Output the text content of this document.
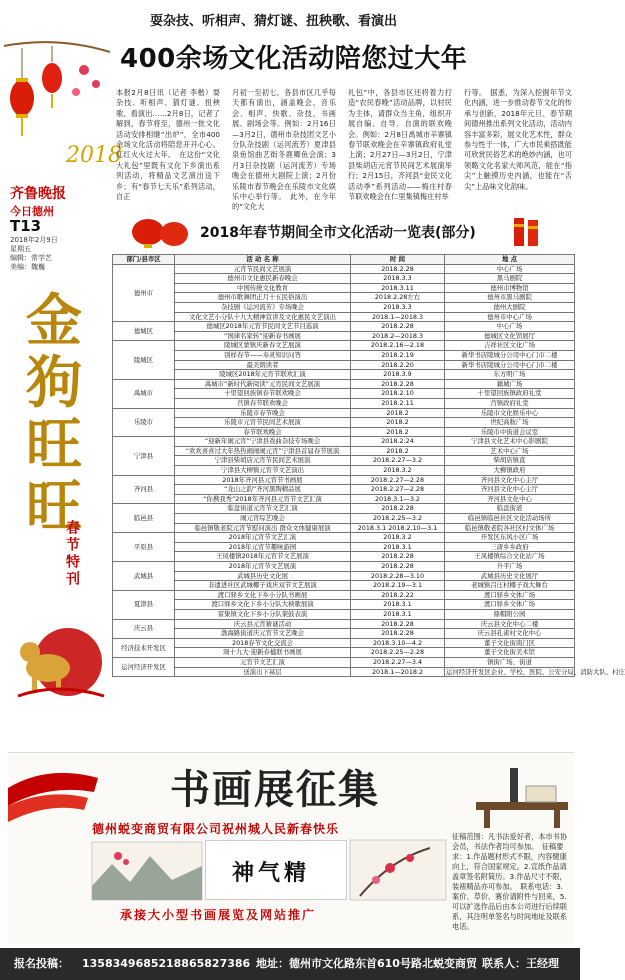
耍杂技、听相声、猜灯谜、扭秧歌、看演出
400余场文化活动陪您过大年
2018
齐鲁晚报
今日德州
T13
2018年2月9日
星期五
编辑：常学艺
美编：魏巍
金
狗
旺
旺
春节特刊
本报2月8日讯（记者 李楷）耍杂技、听相声、猜灯谜、扭秧歌、看演出……2月8日，记者了解到，春节将至，德州一批文化活动安排相继“出炉”，全市400余场文化活动将陪您开开心心、红红火火过大年。　在这份“文化大礼包”里既有文化下乡演出系列活动，将精品文艺演出送下乡；有“春节七天乐”系列活动，自正
月初一至初七，各县市区几乎每天都有演出，涵盖晚会、音乐会、相声、快歌、杂技、书画展、剧场会等。例如：2月16日—3月2日，德州市杂技团文艺小分队杂技剧（运河流芳）夏津县泉鱼馆曲艺街冬鹿卿鱼会演；3月3日杂技剧（运河流芳）专场晚会在德州大剧院上演；2月份乐陵市春节晚会在乐陵市文化娱乐中心举行等。　此外，在今年的“文化大
礼包”中，各县市区还将着力打造“农民春晚”活动品牌，以村民为主体，请群众当主角，组织开展自编、自导、自演的联欢晚会。例如：2月8日禹城市辛寨镇春节联欢晚会在辛寨镇政府礼堂上演；2月27日—3月2日，宁津县柴胡店元宵节民间艺术展演举行；2月15日，齐河县“金民文化活动季”系列活动——梅庄村春节联欢晚会在仁里集镇梅庄村举
行等。　据悉，为深入挖掘年节文化内涵，进一步推动春节文化的传承与创新，2018年元旦、春节期间德州推出系列文化活动，活动内容丰富多彩，展文化艺术性，群众参与性于一体，广大市民乘搭既能可欣赏民俗艺术的绝妙内涵，也可领略文化名家大师风范，能在“指尖”上触摸历史内涵，也能在“舌尖”上品味文化韵味。
2018年春节期间全市文化活动一览表(部分)
部门/县市区	活 动 名 称	时 间	地 点
德州市	元宵节民间文艺展演	2018.2.28	中心广场
	德州市文化惠民新春晚会	2018.3.3	黑马剧院
	中国传统文化教育	2018.3.11	德州市博物馆
	德州市歌舞团正月十五民俗演出	2018.2.28左右	德州市黑马剧院
	杂技剧《运河流芳》专场晚会	2018.3.3	德州大剧院
	文化文艺小分队十九大精神宣讲及文化惠民文艺演出	2018.1—2018.3	德州市中心广场
德城区	德城区2018年元宵节民间文艺节目巡演	2018.2.28	中心广场
	“国律名家转”迎新春书画展	2018.2—2018.3	德城区文化馆展厅
陵城区	陵城区蒙镇庆新春文艺展演	2018.2.16—2.18	吉祥社区文化广场
	别样春节——寿灵知识问答	2018.2.19	新华书店陵城分公司中心门市二楼
	最美朗读者	2018.2.20	新华书店陵城分公司中心门市二楼
	陵城区2018年元宵节联欢汇演	2018.3.9	东方明广场
禹城市	禹城市“新时代新阅读”元宵民间文艺展演	2018.2.28	籍城广场
	十里望回族镇春节联欢晚会	2018.2.10	十里望回族镇政府礼堂
	莒镇春节联欢晚会	2018.2.11	莒镇政府礼堂
乐陵市	乐陵市春节晚会	2018.2	乐陵市文化娱乐中心
	乐陵市元宵节民间艺术展演	2018.2	世纪高航广场
	春节联欢晚会	2018.2	乐陵市中街道会议室
宁津县	“迎新年闹元宵”宁津县戏曲杂技专场晚会	2018.2.24	宁津县文化艺术中心影剧院
	“欢欢喜喜过大年热热闹闹闹元宵”宁津县首届春节展演	2018.2	艺术中心广场
	宁津县柴胡店元宵节民间艺术展演	2018.2.27—3.2	柴胡店镇直
	宁津县大柳镇元宵节文艺演出	2018.3.2	大柳镇政府
齐河县	2018年齐河县元宵节书画展	2018.2.27—2.28	齐河县文化中心主厅
	“龙山之韵”齐河黑陶精品展	2018.2.27—2.28	齐河县文化中心主厅
	“你携我秀”2018年齐河县元宵节文艺汇演	2018.3.1—3.2	齐河县文化中心
临邑县	临盘街道元宵节文艺汇演	2018.2.28	临盘街道
	闹元宵综艺晚会	2018.2.25—3.2	临邑镇临邑社区文化活动场所
	临邑镇敬老院元宵节慰问演出 群众文体健康展演	2018.3.1 2018.2.10—3.1	临邑镇敬老院各社区村文体广场
平原县	2018年元宵节文艺汇演	2018.3.2	开发区东风小区广场
	2018年元宵节趣味游园	2018.3.1	三唐乡乡政府
	王凤楼镇2018年元宵节文艺展演	2018.2.28	王凤楼镇综合文化站广场
武城县	2018年元宵节文艺展演	2018.2.28	升平广场
	武城县历史文化展	2018.2.28—3.10	武城县历史文化展厅
	非遗进社区武城椰子戏庆双节文艺展演	2018.2.19—3.1	老城镇吕庄村椰子戏大舞台
夏津县	渡口驿乡文化下乡小分队书画展	2018.2.22	渡口驿乡文体广场
	渡口驿乡文化下乡小分队大秧歌展演	2018.3.1	渡口驿乡文体广场
	雷集镇文化下乡小分队架鼓表演	2018.3.1	鼎帽阳公园
庆云县	庆云县元宵猜谜活动	2018.2.28	庆云县文化中心二楼
	渤海路街道庆元宵节文艺晚会	2018.2.28	庆云县孔雀村文化中心
经济技术开发区	2018春节文化交流会	2018.3.10—4.2	董子文化街南门区
	颂十九大·迎新春楹联书画展	2018.2.25—2.28	董子文化街美术馆
运河经济开发区	元宵节文艺汇演	2018.2.27—3.4	镇街广场、街道
	送演出下基层	2018.1—2018.2	运河经济开发区企业、学校、医院、公安分局、消防大队、村庄
书画展征集
德州蜕变商贸有限公司祝州城人民新春快乐
神气精
承接大小型书画展览及网站推广
征稿范围：凡书法爱好者，本市书协会员，书法作者均可参加。　征稿要求：1.作品题材形式不限，内容健康向上，符合国家规定。2.宣纸作品请盖章签名附简历。3.作品尺寸不限，装裱精品亦可参加。　联系电话：3.案价、草价、赛价请附件与回来，5.可以扩选作品后由本公司进行后续联系，其注明单签名与时间地址及联系电话。
报名投稿： 13583496852 18865827386 地址：德州市文化路东首610号路北蜕变商贸 联系人：王经理
